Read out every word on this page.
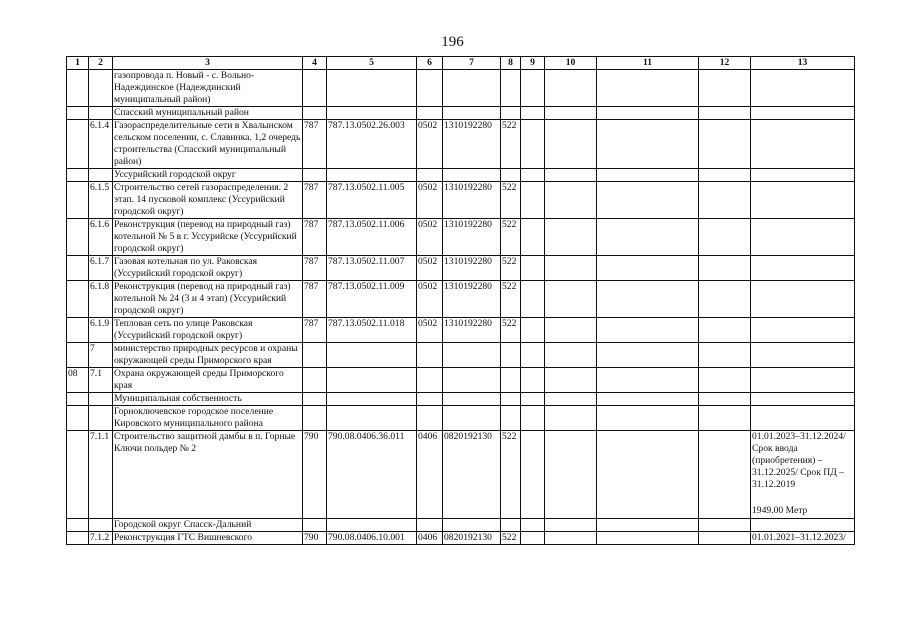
196
1	2	3	4	5	6	7	8	9	10	11	12	13
		газопровода п. Новый - с. Вольно-Надеждинское (Надеждинский муниципальный район)										
		Спасский муниципальный район										
	6.1.4	Газораспределительные сети в Хвалынском сельском поселении, с. Славинка. 1,2 очередь строительства (Спасский муниципальный район)	787	787.13.0502.26.003	0502	1310192280	522					
		Уссурийский городской округ										
	6.1.5	Строительство сетей газораспределения. 2 этап. 14 пусковой комплекс (Уссурийский городской округ)	787	787.13.0502.11.005	0502	1310192280	522					
	6.1.6	Реконструкция (перевод на природный газ) котельной № 5 в г. Уссурийске (Уссурийский городской округ)	787	787.13.0502.11.006	0502	1310192280	522					
	6.1.7	Газовая котельная по ул. Раковская (Уссурийский городской округ)	787	787.13.0502.11.007	0502	1310192280	522					
	6.1.8	Реконструкция (перевод на природный газ) котельной № 24 (3 и 4 этап) (Уссурийский городской округ)	787	787.13.0502.11.009	0502	1310192280	522					
	6.1.9	Тепловая сеть по улице Раковская (Уссурийский городской округ)	787	787.13.0502.11.018	0502	1310192280	522					
	7	министерство природных ресурсов и охраны окружающей среды Приморского края										
08	7.1	Охрана окружающей среды Приморского края										
		Муниципальная собственность										
		Горноключевское городское поселение Кировского муниципального района										
	7.1.1	Строительство защитной дамбы в п. Горные Ключи польдер № 2	790	790.08.0406.36.011	0406	0820192130	522					01.01.2023–31.12.2024/ Срок ввода (приобретения) – 31.12.2025/ Срок ПД – 31.12.2019
1949.00 Метр

		Городской округ Спасск-Дальний										
	7.1.2	Реконструкция ГТС Вишневского	790	790.08.0406.10.001	0406	0820192130	522					01.01.2021–31.12.2023/
